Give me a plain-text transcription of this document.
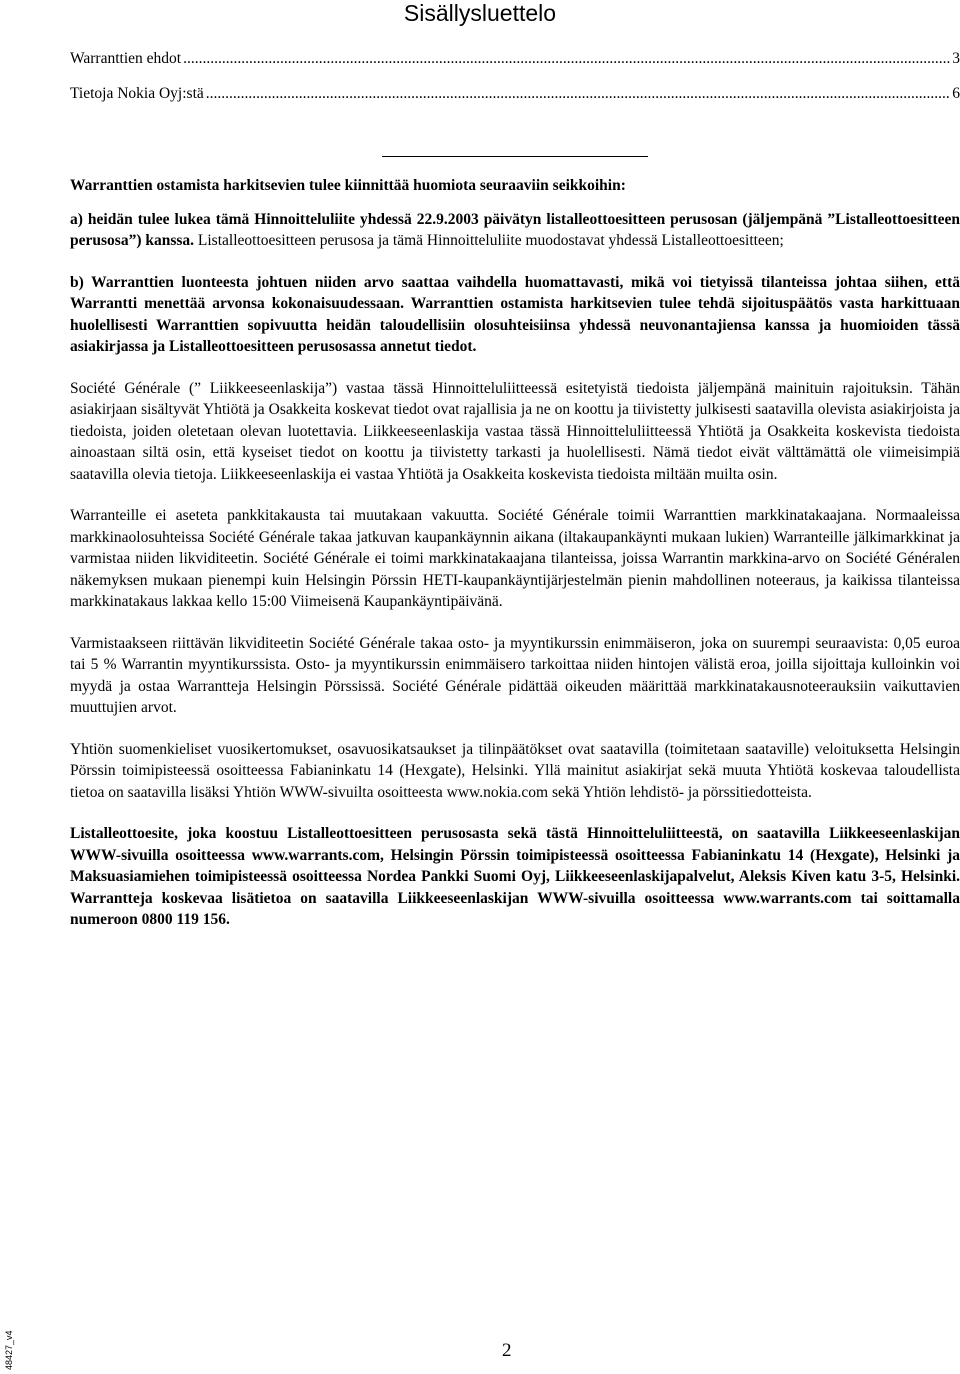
Sisällysluettelo
Warranttien ehdot .....	3
Tietoja Nokia Oyj:stä .....	6

Warranttien ostamista harkitsevien tulee kiinnittää huomiota seuraaviin seikkoihin:

a) heidän tulee lukea tämä Hinnoitteluliite yhdessä 22.9.2003 päivätyn listalleottoesitteen perusosan (jäljempänä ”Listalleottoesitteen perusosa”) kanssa. Listalleottoesitteen perusosa ja tämä Hinnoitteluliite muodostavat yhdessä Listalleottoesitteen;

b) Warranttien luonteesta johtuen niiden arvo saattaa vaihdella huomattavasti, mikä voi tietyissä tilanteissa johtaa siihen, että Warrantti menettää arvonsa kokonaisuudessaan. Warranttien ostamista harkitsevien tulee tehdä sijoituspäätös vasta harkittuaan huolellisesti Warranttien sopivuutta heidän taloudellisiin olosuhteisiinsa yhdessä neuvonantajiensa kanssa ja huomioiden tässä asiakirjassa ja Listalleottoesitteen perusosassa annetut tiedot.

Société Générale (” Liikkeeseenlaskija”) vastaa tässä Hinnoitteluliitteessä esitetyistä tiedoista jäljempänä mainituin rajoituksin. Tähän asiakirjaan sisältyvät Yhtiötä ja Osakkeita koskevat tiedot ovat rajallisia ja ne on koottu ja tiivistetty julkisesti saatavilla olevista asiakirjoista ja tiedoista, joiden oletetaan olevan luotettavia. Liikkeeseenlaskija vastaa tässä Hinnoitteluliitteessä Yhtiötä ja Osakkeita koskevista tiedoista ainoastaan siltä osin, että kyseiset tiedot on koottu ja tiivistetty tarkasti ja huolellisesti. Nämä tiedot eivät välttämättä ole viimeisimpiä saatavilla olevia tietoja. Liikkeeseenlaskija ei vastaa Yhtiötä ja Osakkeita koskevista tiedoista miltään muilta osin.

Warranteille ei aseteta pankkitakausta tai muutakaan vakuutta. Société Générale toimii Warranttien markkinatakaajana. Normaaleissa markkinaolosuhteissa Société Générale takaa jatkuvan kaupankäynnin aikana (iltakaupankäynti mukaan lukien) Warranteille jälkimarkkinat ja varmistaa niiden likviditeetin. Société Générale ei toimi markkinatakaajana tilanteissa, joissa Warrantin markkina-arvo on Société Généralen näkemyksen mukaan pienempi kuin Helsingin Pörssin HETI-kaupankäyntijärjestelmän pienin mahdollinen noteeraus, ja kaikissa tilanteissa markkinatakaus lakkaa kello 15:00 Viimeisenä Kaupankäyntipäivänä.

Varmistaakseen riittävän likviditeetin Société Générale takaa osto- ja myyntikurssin enimmäiseron, joka on suurempi seuraavista: 0,05 euroa tai 5 % Warrantin myyntikurssista. Osto- ja myyntikurssin enimmäisero tarkoittaa niiden hintojen välistä eroa, joilla sijoittaja kulloinkin voi myydä ja ostaa Warrantteja Helsingin Pörssissä. Société Générale pidättää oikeuden määrittää markkinatakausnoteerauksiin vaikuttavien muuttujien arvot.

Yhtiön suomenkieliset vuosikertomukset, osavuosikatsaukset ja tilinpäätökset ovat saatavilla (toimitetaan saataville) veloituksetta Helsingin Pörssin toimipisteessä osoitteessa Fabianinkatu 14 (Hexgate), Helsinki. Yllä mainitut asiakirjat sekä muuta Yhtiötä koskevaa taloudellista tietoa on saatavilla lisäksi Yhtiön WWW-sivuilta osoitteesta www.nokia.com sekä Yhtiön lehdistö- ja pörssitiedotteista.

Listalleottoesite, joka koostuu Listalleottoesitteen perusosasta sekä tästä Hinnoitteluliitteestä, on saatavilla Liikkeeseenlaskijan WWW-sivuilla osoitteessa www.warrants.com, Helsingin Pörssin toimipisteessä osoitteessa Fabianinkatu 14 (Hexgate), Helsinki ja Maksuasiamiehen toimipisteessä osoitteessa Nordea Pankki Suomi Oyj, Liikkeeseenlaskijapalvelut, Aleksis Kiven katu 3-5, Helsinki. Warrantteja koskevaa lisätietoa on saatavilla Liikkeeseenlaskijan WWW-sivuilla osoitteessa www.warrants.com tai soittamalla numeroon 0800 119 156.

48427_v4	2
